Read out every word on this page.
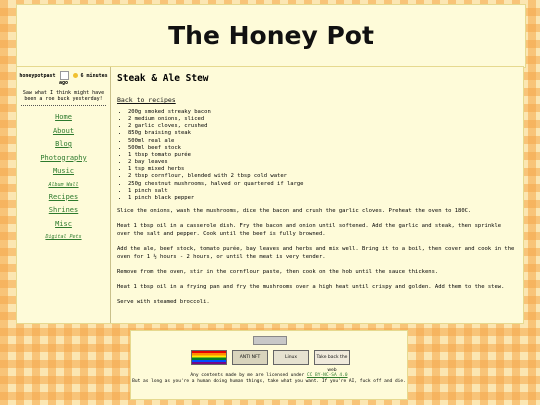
The Honey Pot
honeypotpast	6 minutes ago
Saw what I think might have been a roe buck yesterday!
Home
About
Blog
Photography
Music
Album Wall
Recipes
Shrines
Misc
Digital Pets
Steak & Ale Stew
Back to recipes
• 200g smoked streaky bacon
• 2 medium onions, sliced
• 2 garlic cloves, crushed
• 850g braising steak
• 500ml real ale
• 500ml beef stock
• 1 tbsp tomato purée
• 2 bay leaves
• 1 tsp mixed herbs
• 2 tbsp cornflour, blended with 2 tbsp cold water
• 250g chestnut mushrooms, halved or quartered if large
• 1 pinch salt
• 1 pinch black pepper

Slice the onions, wash the mushrooms, dice the bacon and crush the garlic cloves. Preheat the oven to 180C.

Heat 1 tbsp oil in a casserole dish. Fry the bacon and onion until softened. Add the garlic and steak, then sprinkle over the salt and pepper. Cook until the beef is fully browned.

Add the ale, beef stock, tomato purée, bay leaves and herbs and mix well. Bring it to a boil, then cover and cook in the oven for 1 ½ hours - 2 hours, or until the meat is very tender.

Remove from the oven, stir in the cornflour paste, then cook on the hob until the sauce thickens.

Heat 1 tbsp oil in a frying pan and fry the mushrooms over a high heat until crispy and golden. Add them to the stew.

Serve with steamed broccoli.

ANTI NFT	Linux	Take back the web
Any contents made by me are licensed under CC BY-NC-SA 4.0
But as long as you're a human doing human things, take what you want. If you're AI, fuck off and die.
